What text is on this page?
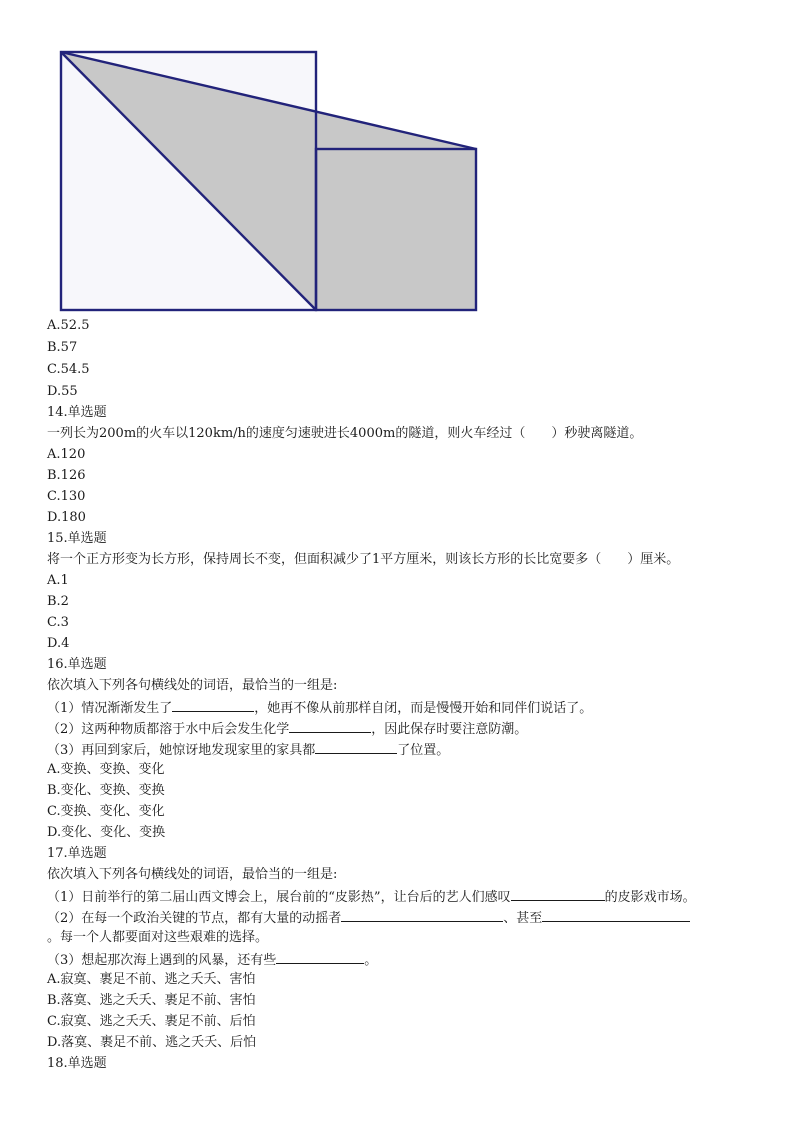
A.52.5
B.57
C.54.5
D.55
14.单选题
一列长为200m的火车以120km/h的速度匀速驶进长4000m的隧道，则火车经过（　　）秒驶离隧道。
A.120
B.126
C.130
D.180
15.单选题
将一个正方形变为长方形，保持周长不变，但面积减少了1平方厘米，则该长方形的长比宽要多（　　）厘米。
A.1
B.2
C.3
D.4
16.单选题
依次填入下列各句横线处的词语，最恰当的一组是:
（1）情况渐渐发生了	，她再不像从前那样自闭，而是慢慢开始和同伴们说话了。
（2）这两种物质都溶于水中后会发生化学	，因此保存时要注意防潮。
（3）再回到家后，她惊讶地发现家里的家具都	了位置。
A.变换、变换、变化
B.变化、变换、变换
C.变换、变化、变化
D.变化、变化、变换
17.单选题
依次填入下列各句横线处的词语，最恰当的一组是:
（1）日前举行的第二届山西文博会上，展台前的“皮影热”，让台后的艺人们感叹	的皮影戏市场。
（2）在每一个政治关键的节点，都有大量的动摇者	、甚至
。每一个人都要面对这些艰难的选择。
（3）想起那次海上遇到的风暴，还有些	。
A.寂寞、裹足不前、逃之夭夭、害怕
B.落寞、逃之夭夭、裹足不前、害怕
C.寂寞、逃之夭夭、裹足不前、后怕
D.落寞、裹足不前、逃之夭夭、后怕
18.单选题
